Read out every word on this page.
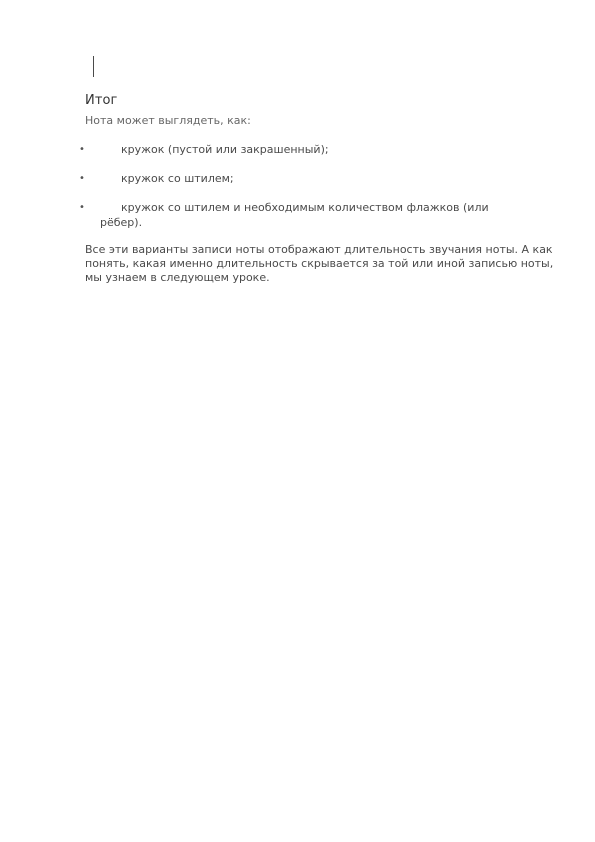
Итог
Нота может выглядеть, как:
•	кружок (пустой или закрашенный);
•	кружок со штилем;
•	кружок со штилем и необходимым количеством флажков (или рёбер).
Все эти варианты записи ноты отображают длительность звучания ноты. А как понять, какая именно длительность скрывается за той или иной записью ноты, мы узнаем в следующем уроке.
